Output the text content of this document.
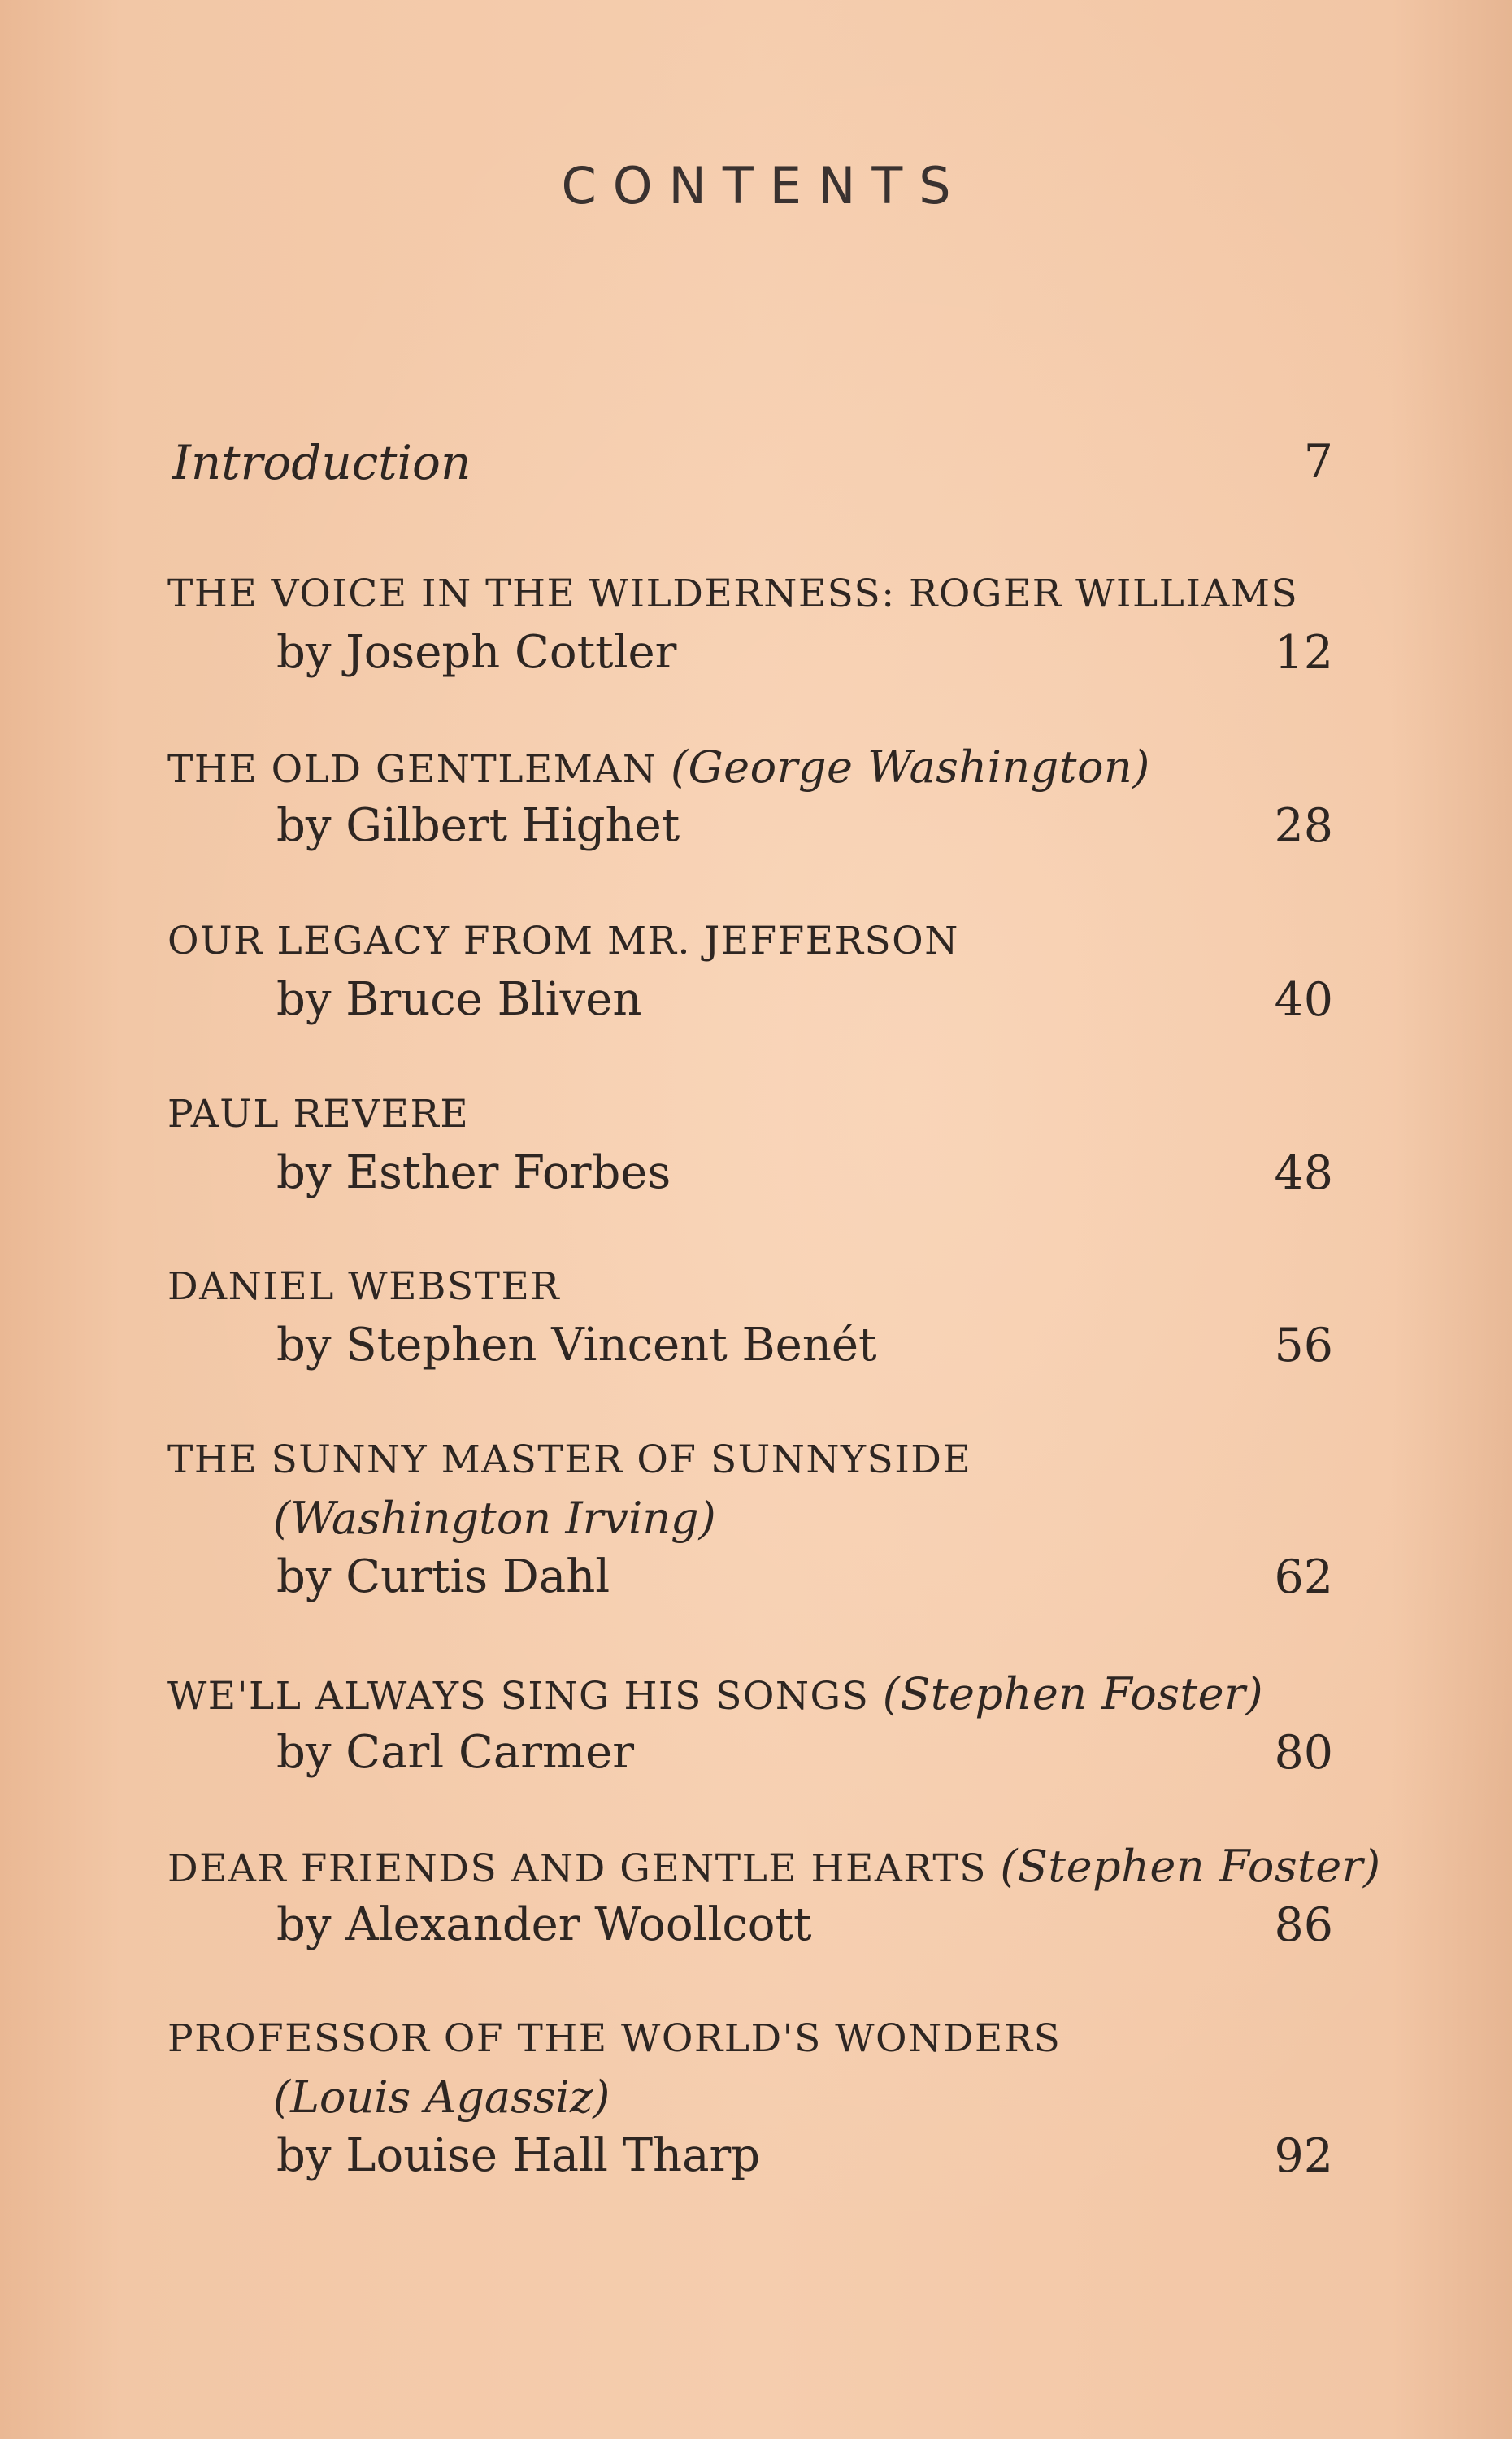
CONTENTS
Introduction	7
THE VOICE IN THE WILDERNESS: ROGER WILLIAMS
by Joseph Cottler	12
THE OLD GENTLEMAN (George Washington)
by Gilbert Highet	28
OUR LEGACY FROM MR. JEFFERSON
by Bruce Bliven	40
PAUL REVERE
by Esther Forbes	48
DANIEL WEBSTER
by Stephen Vincent Benét	56
THE SUNNY MASTER OF SUNNYSIDE
(Washington Irving)
by Curtis Dahl	62
WE'LL ALWAYS SING HIS SONGS (Stephen Foster)
by Carl Carmer	80
DEAR FRIENDS AND GENTLE HEARTS (Stephen Foster)
by Alexander Woollcott	86
PROFESSOR OF THE WORLD'S WONDERS
(Louis Agassiz)
by Louise Hall Tharp	92
